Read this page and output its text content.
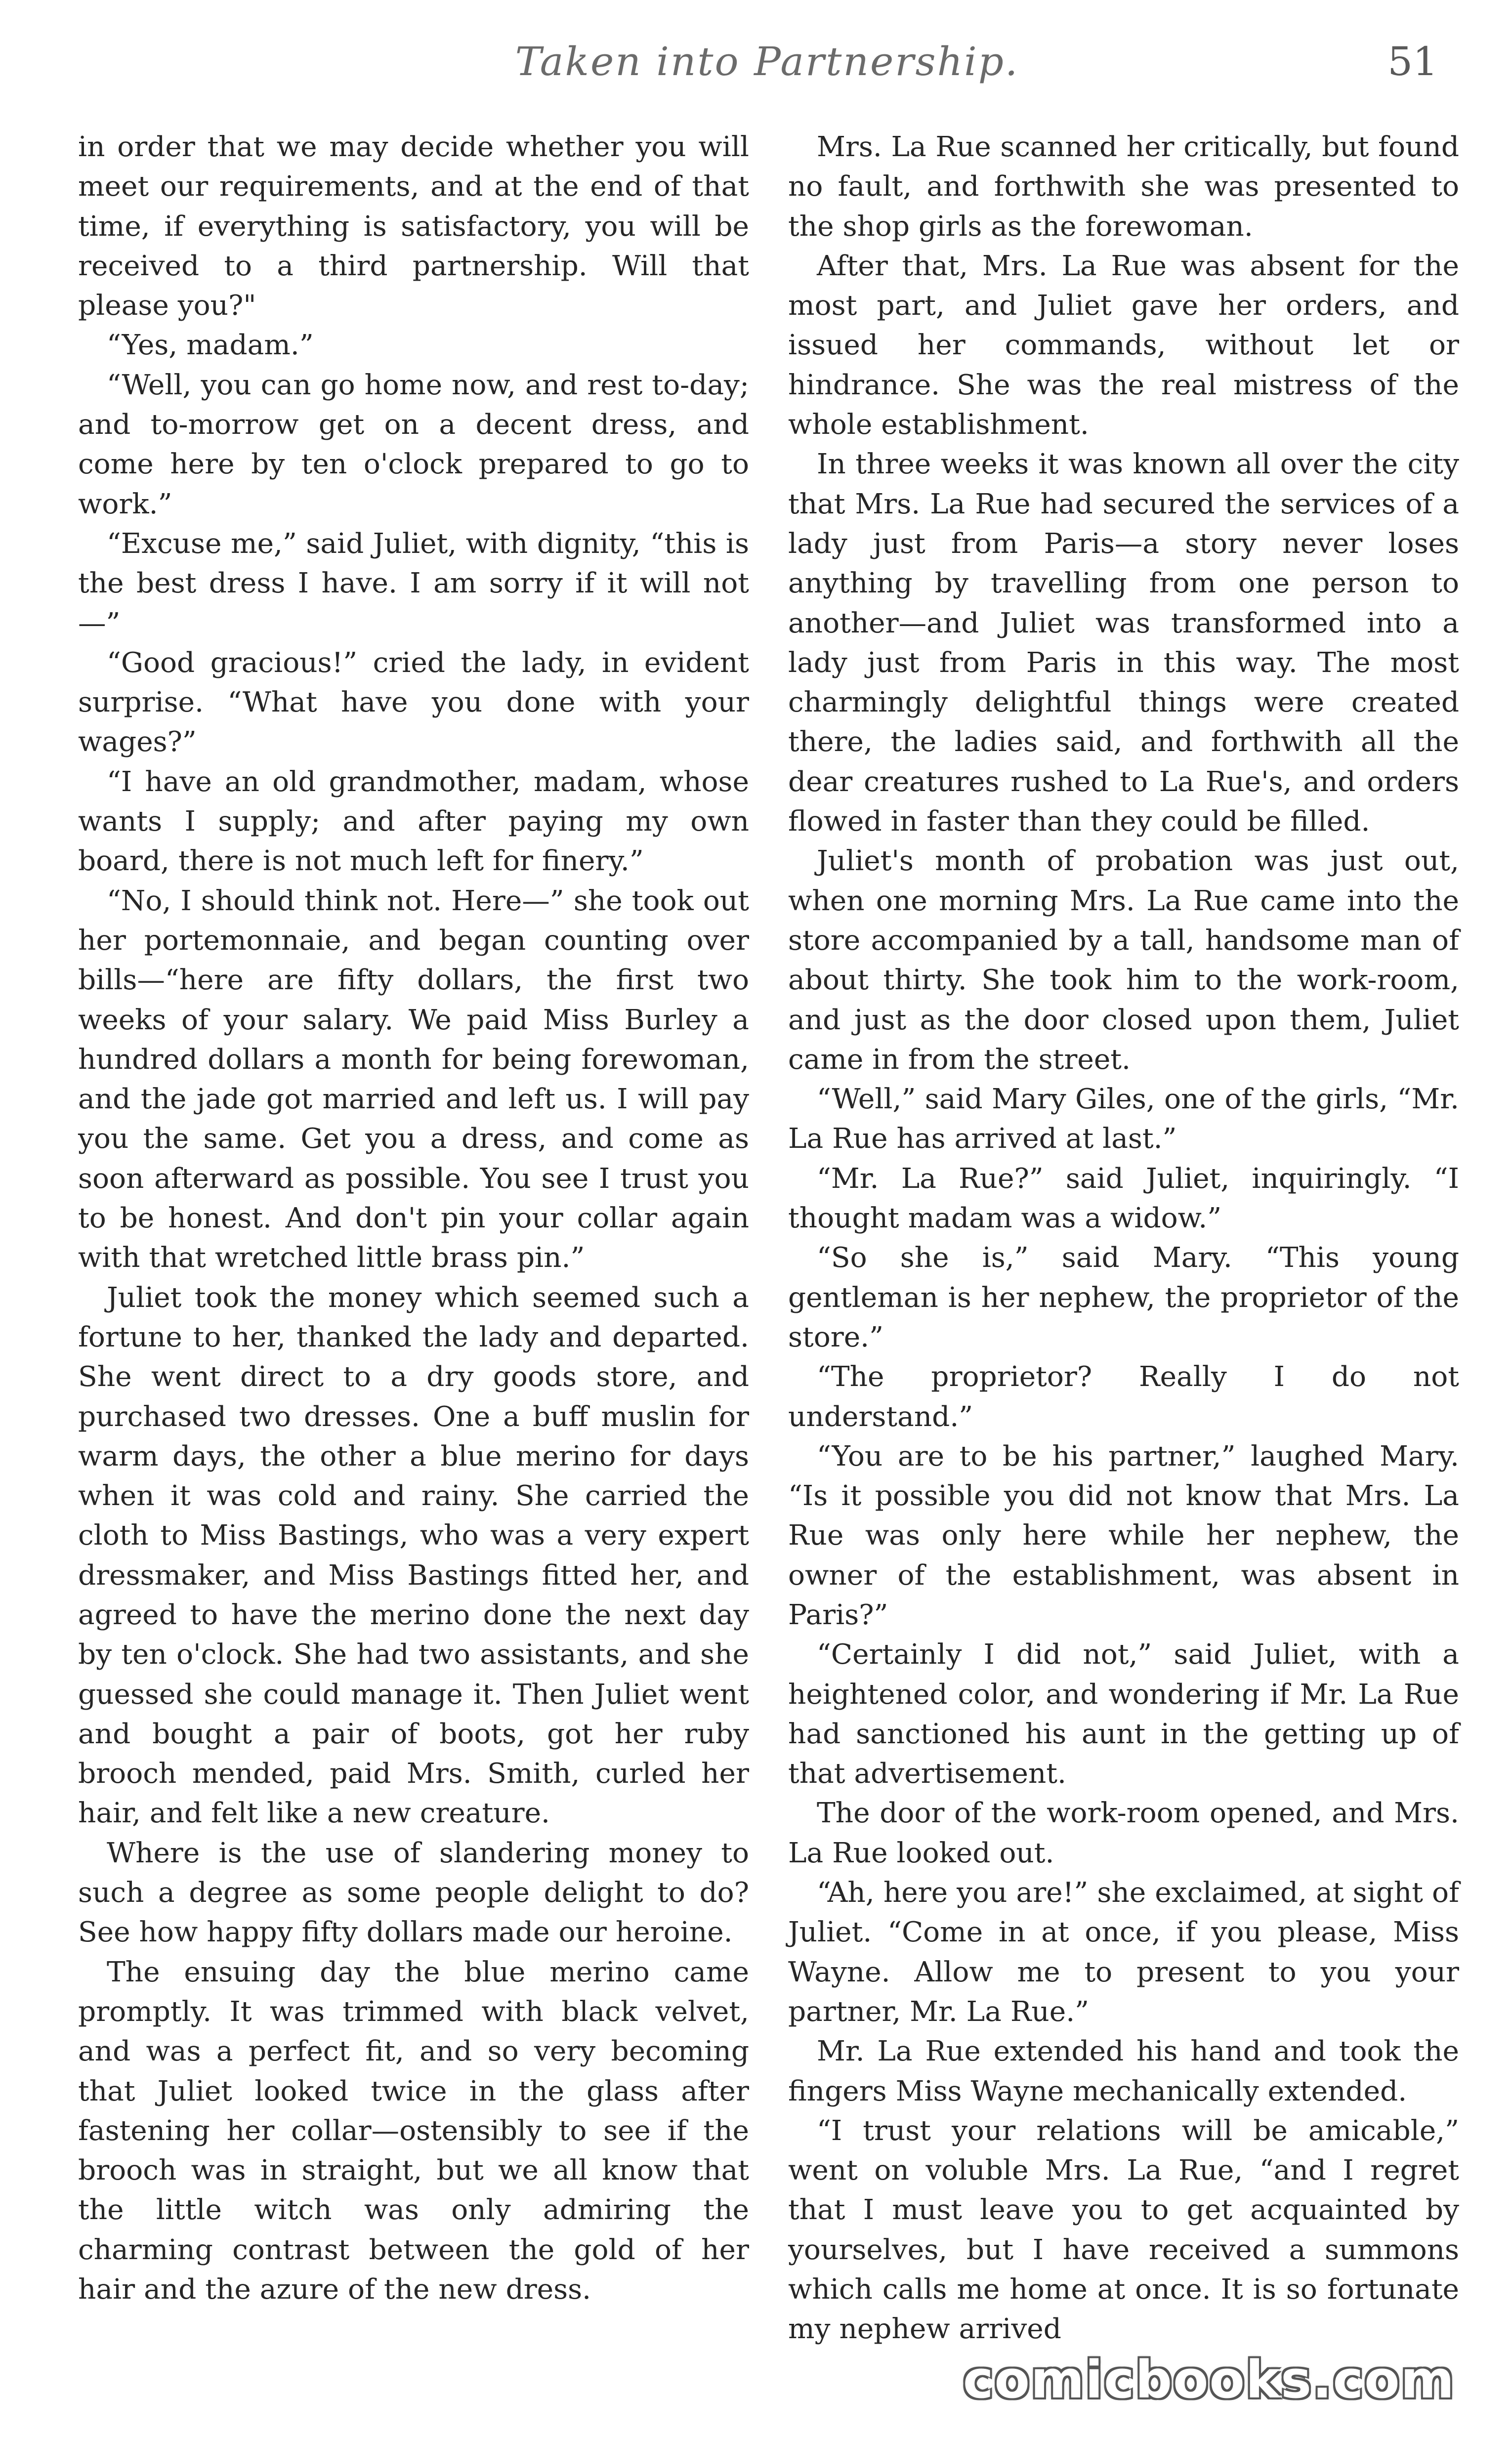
Taken into Partnership.	51

in order that we may decide whether you will meet our requirements, and at the end of that time, if everything is satisfactory, you will be received to a third partnership. Will that please you?"

“Yes, madam.”

“Well, you can go home now, and rest to-day; and to-morrow get on a decent dress, and come here by ten o'clock prepared to go to work.”

“Excuse me,” said Juliet, with dignity, “this is the best dress I have. I am sorry if it will not—”

“Good gracious!” cried the lady, in evident surprise. “What have you done with your wages?”

“I have an old grandmother, madam, whose wants I supply; and after paying my own board, there is not much left for finery.”

“No, I should think not. Here—” she took out her portemonnaie, and began counting over bills—“here are fifty dollars, the first two weeks of your salary. We paid Miss Burley a hundred dollars a month for being forewoman, and the jade got married and left us. I will pay you the same. Get you a dress, and come as soon afterward as possible. You see I trust you to be honest. And don't pin your collar again with that wretched little brass pin.”

Juliet took the money which seemed such a fortune to her, thanked the lady and departed. She went direct to a dry goods store, and purchased two dresses. One a buff muslin for warm days, the other a blue merino for days when it was cold and rainy. She carried the cloth to Miss Bastings, who was a very expert dressmaker, and Miss Bastings fitted her, and agreed to have the merino done the next day by ten o'clock. She had two assistants, and she guessed she could manage it. Then Juliet went and bought a pair of boots, got her ruby brooch mended, paid Mrs. Smith, curled her hair, and felt like a new creature.

Where is the use of slandering money to such a degree as some people delight to do? See how happy fifty dollars made our heroine.

The ensuing day the blue merino came promptly. It was trimmed with black velvet, and was a perfect fit, and so very becoming that Juliet looked twice in the glass after fastening her collar—ostensibly to see if the brooch was in straight, but we all know that the little witch was only admiring the charming contrast between the gold of her hair and the azure of the new dress.

Mrs. La Rue scanned her critically, but found no fault, and forthwith she was presented to the shop girls as the forewoman.

After that, Mrs. La Rue was absent for the most part, and Juliet gave her orders, and issued her commands, without let or hindrance. She was the real mistress of the whole establishment.

In three weeks it was known all over the city that Mrs. La Rue had secured the services of a lady just from Paris—a story never loses anything by travelling from one person to another—and Juliet was transformed into a lady just from Paris in this way. The most charmingly delightful things were created there, the ladies said, and forthwith all the dear creatures rushed to La Rue's, and orders flowed in faster than they could be filled.

Juliet's month of probation was just out, when one morning Mrs. La Rue came into the store accompanied by a tall, handsome man of about thirty. She took him to the work-room, and just as the door closed upon them, Juliet came in from the street.

“Well,” said Mary Giles, one of the girls, “Mr. La Rue has arrived at last.”

“Mr. La Rue?” said Juliet, inquiringly. “I thought madam was a widow.”

“So she is,” said Mary. “This young gentleman is her nephew, the proprietor of the store.”

“The proprietor? Really I do not understand.”

“You are to be his partner,” laughed Mary. “Is it possible you did not know that Mrs. La Rue was only here while her nephew, the owner of the establishment, was absent in Paris?”

“Certainly I did not,” said Juliet, with a heightened color, and wondering if Mr. La Rue had sanctioned his aunt in the getting up of that advertisement.

The door of the work-room opened, and Mrs. La Rue looked out.

“Ah, here you are!” she exclaimed, at sight of Juliet. “Come in at once, if you please, Miss Wayne. Allow me to present to you your partner, Mr. La Rue.”

Mr. La Rue extended his hand and took the fingers Miss Wayne mechanically extended.

“I trust your relations will be amicable,” went on voluble Mrs. La Rue, “and I regret that I must leave you to get acquainted by yourselves, but I have received a summons which calls me home at once. It is so fortunate my nephew arrived

comicbooks.com
